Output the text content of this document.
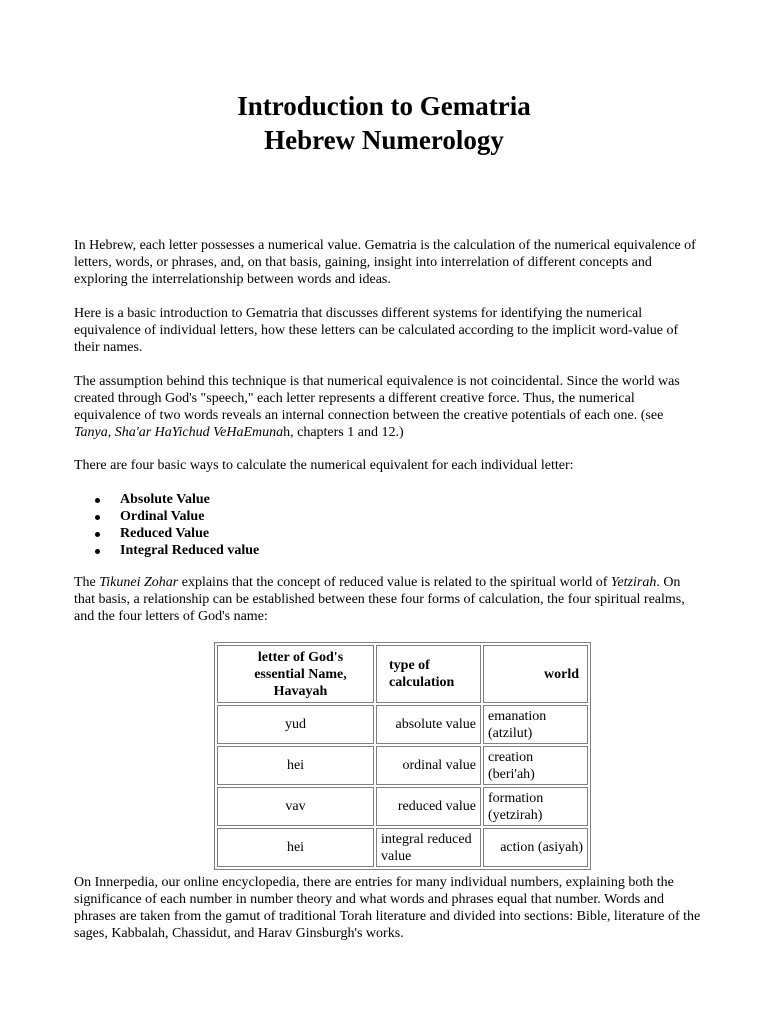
Introduction to Gematria
Hebrew Numerology

In Hebrew, each letter possesses a numerical value. Gematria is the calculation of the numerical equivalence of letters, words, or phrases, and, on that basis, gaining, insight into interrelation of different concepts and exploring the interrelationship between words and ideas.

Here is a basic introduction to Gematria that discusses different systems for identifying the numerical equivalence of individual letters, how these letters can be calculated according to the implicit word-value of their names.

The assumption behind this technique is that numerical equivalence is not coincidental. Since the world was created through God's "speech," each letter represents a different creative force. Thus, the numerical equivalence of two words reveals an internal connection between the creative potentials of each one. (see Tanya, Sha'ar HaYichud VeHaEmunah, chapters 1 and 12.)

There are four basic ways to calculate the numerical equivalent for each individual letter:

Absolute Value
Ordinal Value
Reduced Value
Integral Reduced value

The Tikunei Zohar explains that the concept of reduced value is related to the spiritual world of Yetzirah. On that basis, a relationship can be established between these four forms of calculation, the four spiritual realms, and the four letters of God's name:

letter of God's essential Name, Havayah	type of calculation	world
yud	absolute value	emanation (atzilut)
hei	ordinal value	creation (beri'ah)
vav	reduced value	formation (yetzirah)
hei	integral reduced value	action (asiyah)

On Innerpedia, our online encyclopedia, there are entries for many individual numbers, explaining both the significance of each number in number theory and what words and phrases equal that number. Words and phrases are taken from the gamut of traditional Torah literature and divided into sections: Bible, literature of the sages, Kabbalah, Chassidut, and Harav Ginsburgh's works.
